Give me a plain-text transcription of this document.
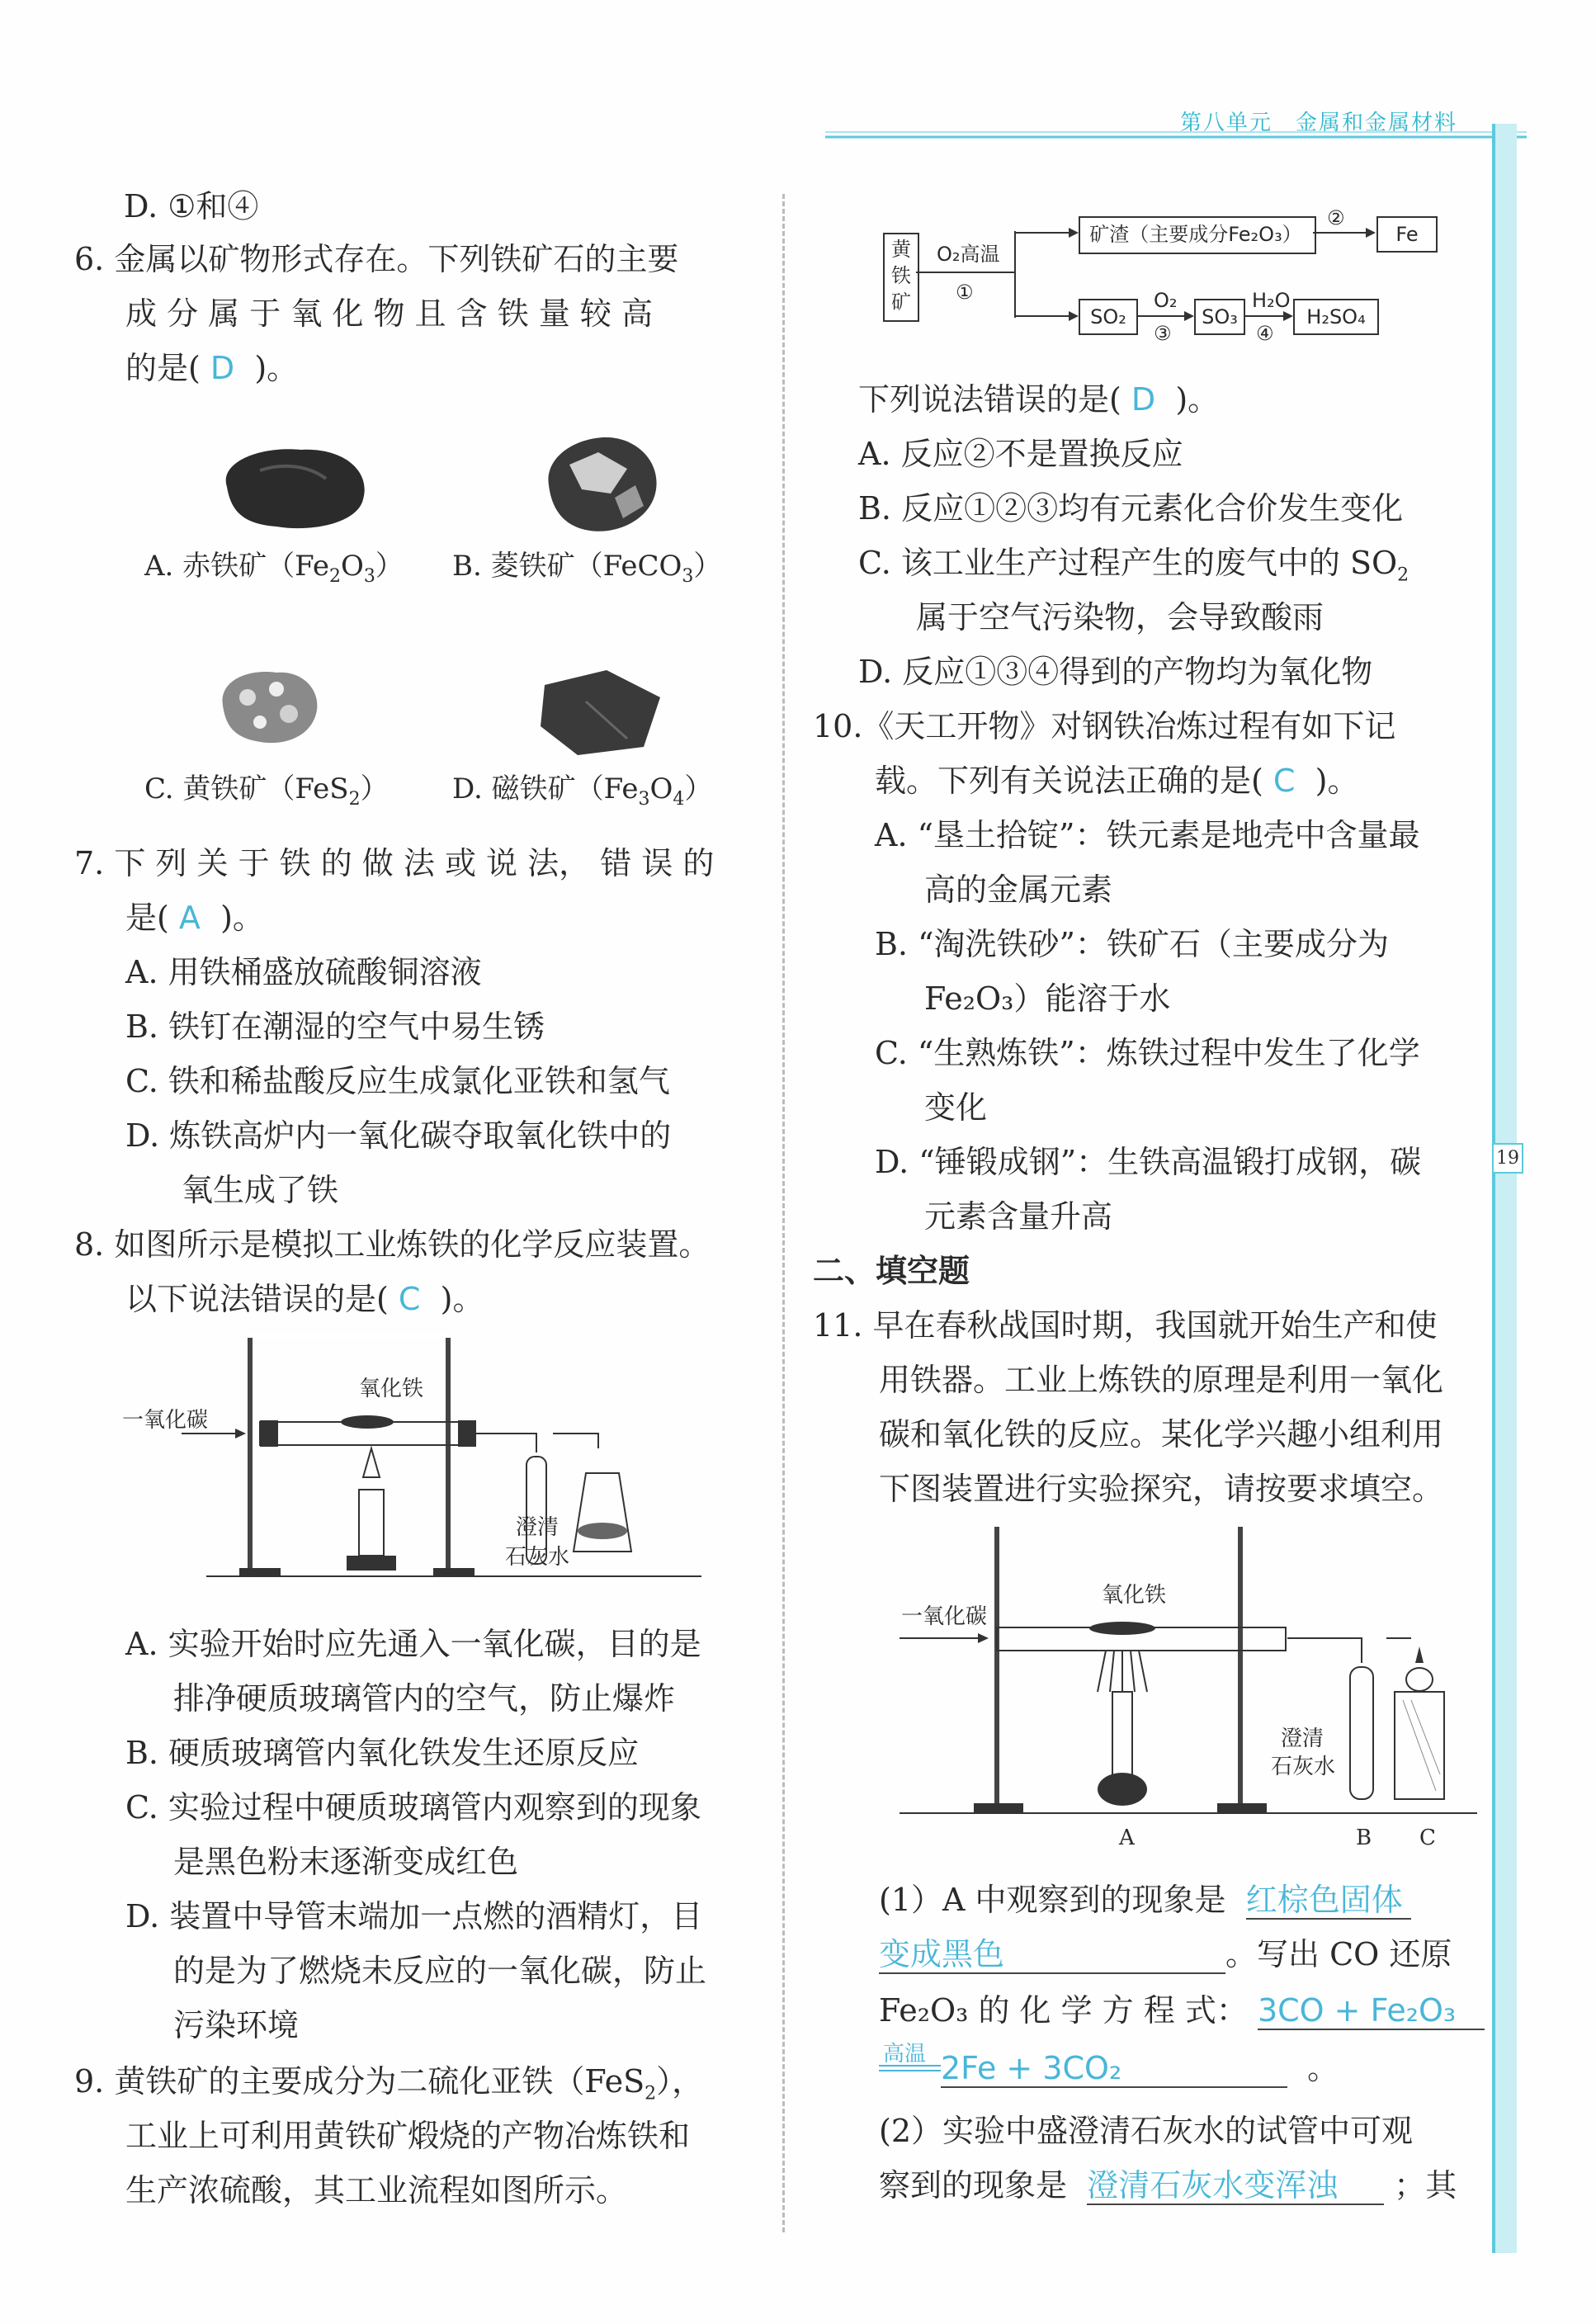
第八单元　金属和金属材料
19
D. ①和④
6. 金属以矿物形式存在。下列铁矿石的主要
成 分 属 于 氧 化 物 且 含 铁 量 较 高
的是( D )。
A. 赤铁矿$(Fe_2O_3)$ B. 菱铁矿（FeCO$_3$）
C. 黄铁矿（FeS$_2$） D. 磁铁矿$(Fe_3O_4)$
7. 下 列 关 于 铁 的 做 法 或 说 法， 错 误 的
是( A )。
A. 用铁桶盛放硫酸铜溶液
B. 铁钉在潮湿的空气中易生锈
C. 铁和稀盐酸反应生成氯化亚铁和氢气
D. 炼铁高炉内一氧化碳夺取氧化铁中的
氧生成了铁
8. 如图所示是模拟工业炼铁的化学反应装置。
以下说法错误的是( C )。
氧化铁
一氧化碳
澄清
石灰水
A. 实验开始时应先通入一氧化碳，目的是
排净硬质玻璃管内的空气，防止爆炸
B. 硬质玻璃管内氧化铁发生还原反应
C. 实验过程中硬质玻璃管内观察到的现象
是黑色粉末逐渐变成红色
D. 装置中导管末端加一点燃的酒精灯，目
的是为了燃烧未反应的一氧化碳，防止
污染环境
9. 黄铁矿的主要成分为二硫化亚铁（FeS$_2$），
工业上可利用黄铁矿煅烧的产物冶炼铁和
生产浓硫酸，其工业流程如图所示。
黄铁矿
O₂高温
①
矿渣（主要成分Fe₂O₃）
②
Fe
SO₂
O₂
③
SO₃
H₂O
④
H₂SO₄
下列说法错误的是( D )。
A. 反应②不是置换反应
B. 反应①②③均有元素化合价发生变化
C. 该工业生产过程产生的废气中的 $SO_2$
属于空气污染物，会导致酸雨
D. 反应①③④得到的产物均为氧化物
10.《天工开物》对钢铁冶炼过程有如下记
载。下列有关说法正确的是( C )。
A. “垦土拾锭”：铁元素是地壳中含量最
高的金属元素
B. “淘洗铁砂”：铁矿石（主要成分为
Fe₂O₃）能溶于水
C. “生熟炼铁”：炼铁过程中发生了化学
变化
D. “锤锻成钢”：生铁高温锻打成钢，碳
元素含量升高
二、填空题
11. 早在春秋战国时期，我国就开始生产和使
用铁器。工业上炼铁的原理是利用一氧化
碳和氧化铁的反应。某化学兴趣小组利用
下图装置进行实验探究，请按要求填空。
氧化铁
一氧化碳
澄清
石灰水
A	B C
(1）A 中观察到的现象是 红棕色固体
变成黑色	。写出 CO 还原
Fe₂O₃ 的 化 学 方 程 式： 3CO + Fe₂O₃
高温 2Fe + 3CO₂	。
(2）实验中盛澄清石灰水的试管中可观
察到的现象是 澄清石灰水变浑浊 ；其
